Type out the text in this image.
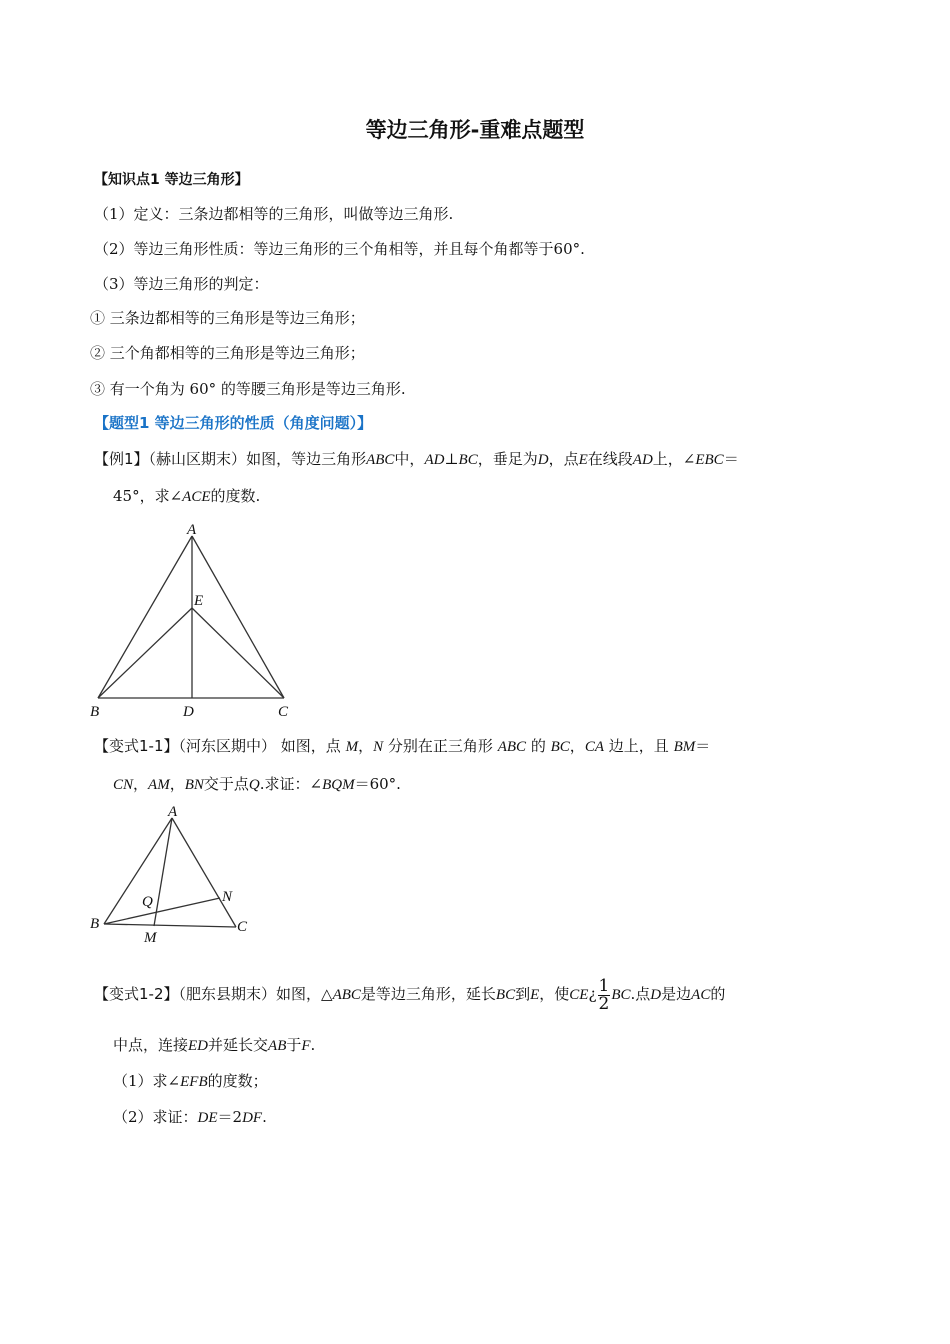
等边三角形-重难点题型
【知识点1 等边三角形】
（1）定义：三条边都相等的三角形，叫做等边三角形.
（2）等边三角形性质：等边三角形的三个角相等，并且每个角都等于60°.
（3）等边三角形的判定：
① 三条边都相等的三角形是等边三角形；
② 三个角都相等的三角形是等边三角形；
③ 有一个角为 60° 的等腰三角形是等边三角形.
【题型1 等边三角形的性质（角度问题）】
【例1】（赫山区期末）如图，等边三角形ABC中，AD⊥BC，垂足为D，点E在线段AD上，∠EBC＝
45°，求∠ACE的度数.
A
E
B	D	C
【变式1-1】（河东区期中） 如图，点 M，N 分别在正三角形 ABC 的 BC，CA 边上，且 BM＝
CN，AM，BN交于点Q.求证：∠BQM＝60°.
A
Q	N
B
M
C
【变式1-2】（肥东县期末）如图，△ABC是等边三角形，延长BC到E，使CE¿ $\frac{1}{2}$ BC.点D是边AC的
中点，连接ED并延长交AB于F.
（1）求∠EFB的度数；
（2）求证：DE＝2DF.
